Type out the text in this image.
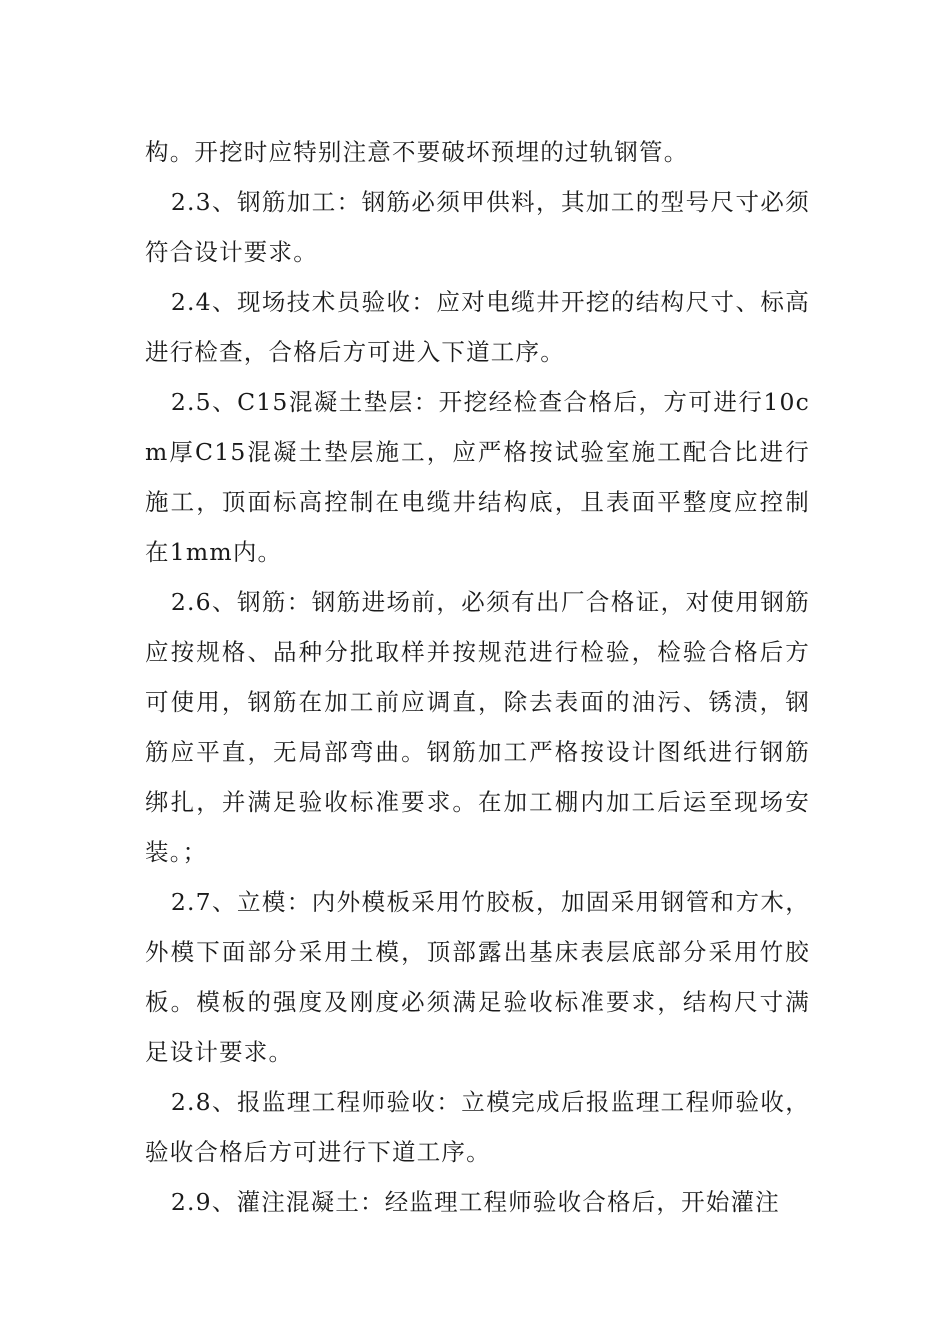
构。开挖时应特别注意不要破坏预埋的过轨钢管。

2.3、钢筋加工：钢筋必须甲供料，其加工的型号尺寸必须符合设计要求。

2.4、现场技术员验收：应对电缆井开挖的结构尺寸、标高进行检查，合格后方可进入下道工序。

2.5、C15混凝土垫层：开挖经检查合格后，方可进行10cm厚C15混凝土垫层施工，应严格按试验室施工配合比进行施工，顶面标高控制在电缆井结构底，且表面平整度应控制在1mm内。

2.6、钢筋：钢筋进场前，必须有出厂合格证，对使用钢筋应按规格、品种分批取样并按规范进行检验，检验合格后方可使用，钢筋在加工前应调直，除去表面的油污、锈渍，钢筋应平直，无局部弯曲。钢筋加工严格按设计图纸进行钢筋绑扎，并满足验收标准要求。在加工棚内加工后运至现场安装。；

2.7、立模：内外模板采用竹胶板，加固采用钢管和方木，外模下面部分采用土模，顶部露出基床表层底部分采用竹胶板。模板的强度及刚度必须满足验收标准要求，结构尺寸满足设计要求。

2.8、报监理工程师验收：立模完成后报监理工程师验收，验收合格后方可进行下道工序。

2.9、灌注混凝土：经监理工程师验收合格后，开始灌注
